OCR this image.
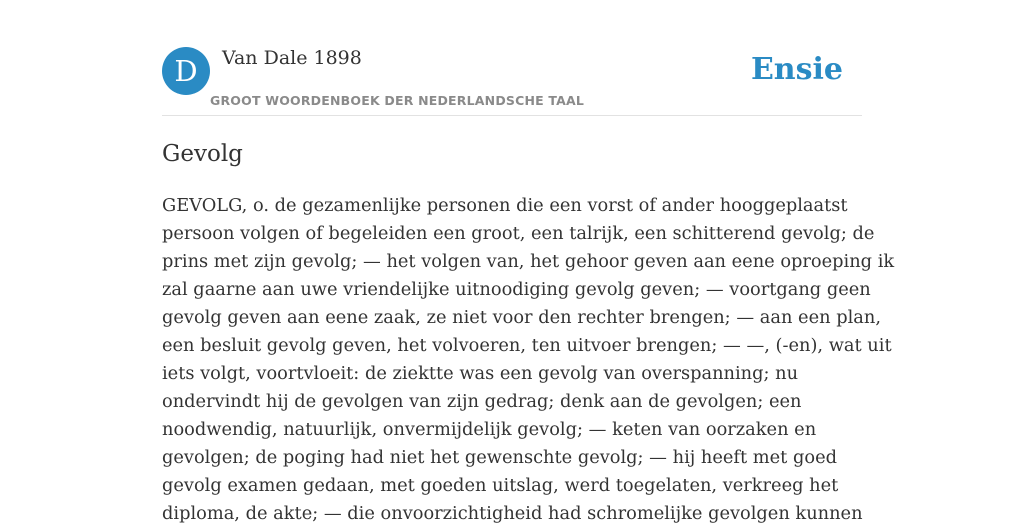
D	Van Dale 1898
GROOT WOORDENBOEK DER NEDERLANDSCHE TAAL
Ensie
Gevolg
GEVOLG, o. de gezamenlijke personen die een vorst of ander hooggeplaatst
persoon volgen of begeleiden een groot, een talrijk, een schitterend gevolg; de
prins met zijn gevolg; — het volgen van, het gehoor geven aan eene oproeping ik
zal gaarne aan uwe vriendelijke uitnoodiging gevolg geven; — voortgang geen
gevolg geven aan eene zaak, ze niet voor den rechter brengen; — aan een plan,
een besluit gevolg geven, het volvoeren, ten uitvoer brengen; — —, (-en), wat uit
iets volgt, voortvloeit: de ziektte was een gevolg van overspanning; nu
ondervindt hij de gevolgen van zijn gedrag; denk aan de gevolgen; een
noodwendig, natuurlijk, onvermijdelijk gevolg; — keten van oorzaken en
gevolgen; de poging had niet het gewenschte gevolg; — hij heeft met goed
gevolg examen gedaan, met goeden uitslag, werd toegelaten, verkreeg het
diploma, de akte; — die onvoorzichtigheid had schromelijke gevolgen kunnen
